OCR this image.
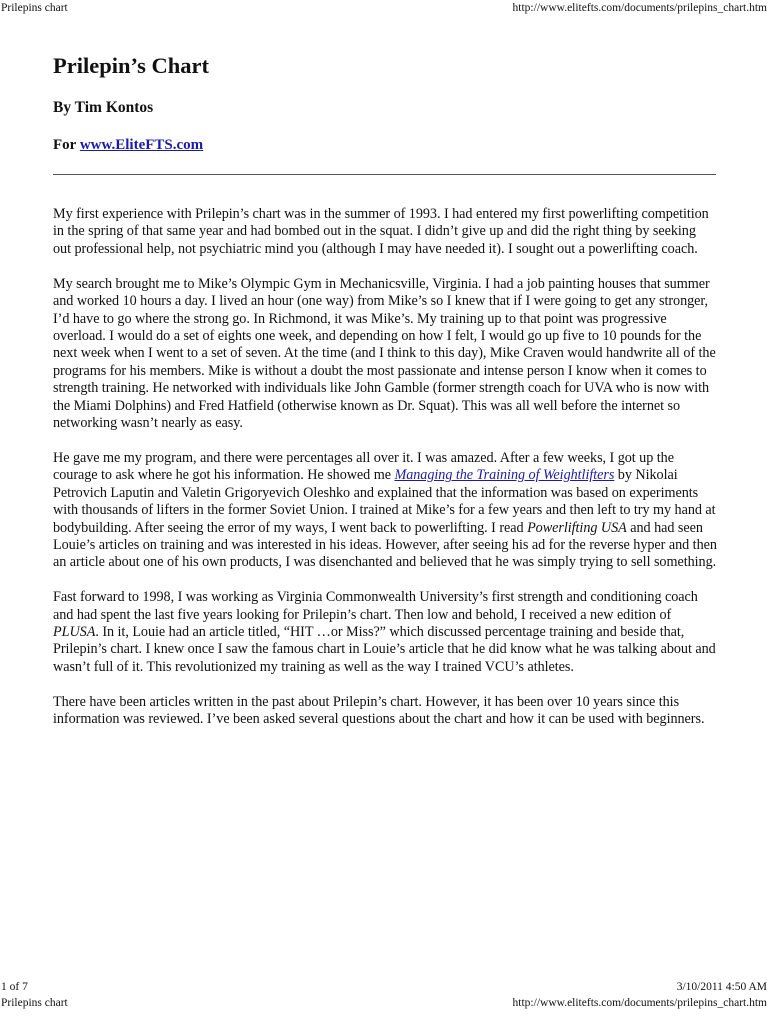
Prilepins chart	http://www.elitefts.com/documents/prilepins_chart.htm
Prilepin’s Chart
By Tim Kontos
For www.EliteFTS.com

My first experience with Prilepin’s chart was in the summer of 1993. I had entered my first powerlifting competition in the spring of that same year and had bombed out in the squat. I didn’t give up and did the right thing by seeking out professional help, not psychiatric mind you (although I may have needed it). I sought out a powerlifting coach.

My search brought me to Mike’s Olympic Gym in Mechanicsville, Virginia. I had a job painting houses that summer and worked 10 hours a day. I lived an hour (one way) from Mike’s so I knew that if I were going to get any stronger, I’d have to go where the strong go. In Richmond, it was Mike’s. My training up to that point was progressive overload. I would do a set of eights one week, and depending on how I felt, I would go up five to 10 pounds for the next week when I went to a set of seven. At the time (and I think to this day), Mike Craven would handwrite all of the programs for his members. Mike is without a doubt the most passionate and intense person I know when it comes to strength training. He networked with individuals like John Gamble (former strength coach for UVA who is now with the Miami Dolphins) and Fred Hatfield (otherwise known as Dr. Squat). This was all well before the internet so networking wasn’t nearly as easy.

He gave me my program, and there were percentages all over it. I was amazed. After a few weeks, I got up the courage to ask where he got his information. He showed me Managing the Training of Weightlifters by Nikolai Petrovich Laputin and Valetin Grigoryevich Oleshko and explained that the information was based on experiments with thousands of lifters in the former Soviet Union. I trained at Mike’s for a few years and then left to try my hand at bodybuilding. After seeing the error of my ways, I went back to powerlifting. I read Powerlifting USA and had seen Louie’s articles on training and was interested in his ideas. However, after seeing his ad for the reverse hyper and then an article about one of his own products, I was disenchanted and believed that he was simply trying to sell something.

Fast forward to 1998, I was working as Virginia Commonwealth University’s first strength and conditioning coach and had spent the last five years looking for Prilepin’s chart. Then low and behold, I received a new edition of PLUSA. In it, Louie had an article titled, “HIT …or Miss?” which discussed percentage training and beside that, Prilepin’s chart. I knew once I saw the famous chart in Louie’s article that he did know what he was talking about and wasn’t full of it. This revolutionized my training as well as the way I trained VCU’s athletes.

There have been articles written in the past about Prilepin’s chart. However, it has been over 10 years since this information was reviewed. I’ve been asked several questions about the chart and how it can be used with beginners.

1 of 7
Prilepins chart
3/10/2011 4:50 AM
http://www.elitefts.com/documents/prilepins_chart.htm
